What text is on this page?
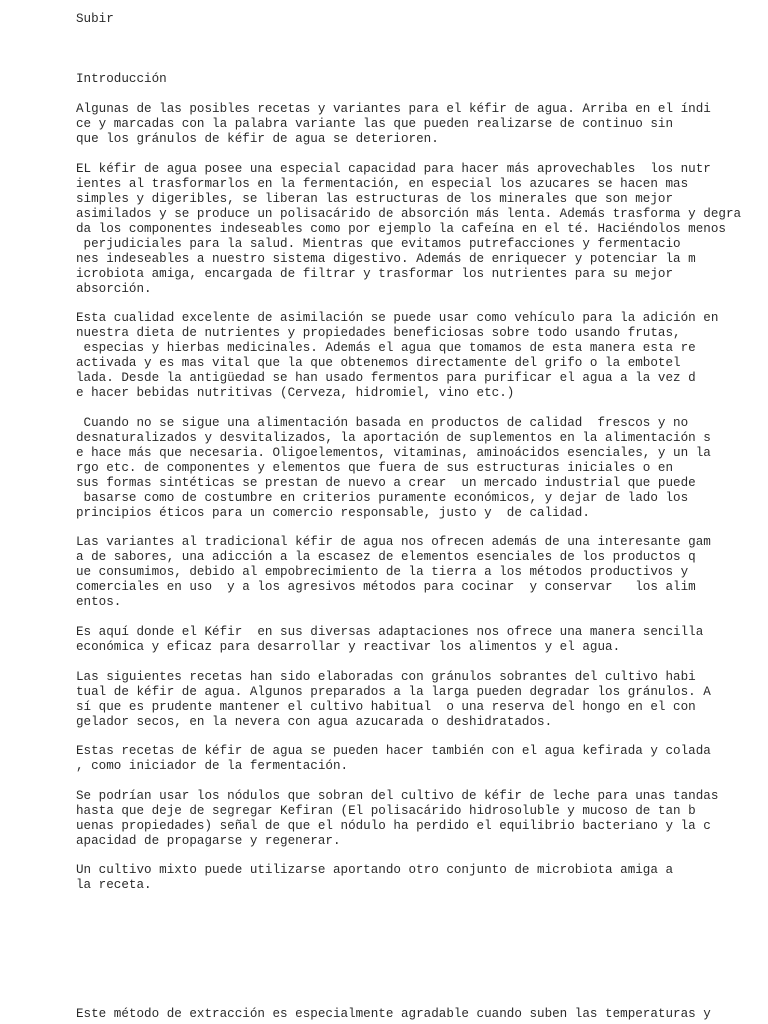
Subir
Introducción

Algunas de las posibles recetas y variantes para el kéfir de agua. Arriba en el índi
ce y marcadas con la palabra variante las que pueden realizarse de continuo sin
que los gránulos de kéfir de agua se deterioren.

EL kéfir de agua posee una especial capacidad para hacer más aprovechables  los nutr
ientes al trasformarlos en la fermentación, en especial los azucares se hacen mas
simples y digeribles, se liberan las estructuras de los minerales que son mejor
asimilados y se produce un polisacárido de absorción más lenta. Además trasforma y degra
da los componentes indeseables como por ejemplo la cafeína en el té. Haciéndolos menos
perjudiciales para la salud. Mientras que evitamos putrefacciones y fermentacio
nes indeseables a nuestro sistema digestivo. Además de enriquecer y potenciar la m
icrobiota amiga, encargada de filtrar y trasformar los nutrientes para su mejor
absorción.

Esta cualidad excelente de asimilación se puede usar como vehículo para la adición en
nuestra dieta de nutrientes y propiedades beneficiosas sobre todo usando frutas,
especias y hierbas medicinales. Además el agua que tomamos de esta manera esta re
activada y es mas vital que la que obtenemos directamente del grifo o la embotel
lada. Desde la antigüedad se han usado fermentos para purificar el agua a la vez d
e hacer bebidas nutritivas (Cerveza, hidromiel, vino etc.)

Cuando no se sigue una alimentación basada en productos de calidad  frescos y no
desnaturalizados y desvitalizados, la aportación de suplementos en la alimentación s
e hace más que necesaria. Oligoelementos, vitaminas, aminoácidos esenciales, y un la
rgo etc. de componentes y elementos que fuera de sus estructuras iniciales o en
sus formas sintéticas se prestan de nuevo a crear  un mercado industrial que puede
basarse como de costumbre en criterios puramente económicos, y dejar de lado los
principios éticos para un comercio responsable, justo y  de calidad.

Las variantes al tradicional kéfir de agua nos ofrecen además de una interesante gam
a de sabores, una adicción a la escasez de elementos esenciales de los productos q
ue consumimos, debido al empobrecimiento de la tierra a los métodos productivos y
comerciales en uso  y a los agresivos métodos para cocinar  y conservar   los alim
entos.

Es aquí donde el Kéfir  en sus diversas adaptaciones nos ofrece una manera sencilla
económica y eficaz para desarrollar y reactivar los alimentos y el agua.

Las siguientes recetas han sido elaboradas con gránulos sobrantes del cultivo habi
tual de kéfir de agua. Algunos preparados a la larga pueden degradar los gránulos. A
sí que es prudente mantener el cultivo habitual  o una reserva del hongo en el con
gelador secos, en la nevera con agua azucarada o deshidratados.

Estas recetas de kéfir de agua se pueden hacer también con el agua kefirada y colada
, como iniciador de la fermentación.

Se podrían usar los nódulos que sobran del cultivo de kéfir de leche para unas tandas
hasta que deje de segregar Kefiran (El polisacárido hidrosoluble y mucoso de tan b
uenas propiedades) señal de que el nódulo ha perdido el equilibrio bacteriano y la c
apacidad de propagarse y regenerar.

Un cultivo mixto puede utilizarse aportando otro conjunto de microbiota amiga a
la receta.

Este método de extracción es especialmente agradable cuando suben las temperaturas y
